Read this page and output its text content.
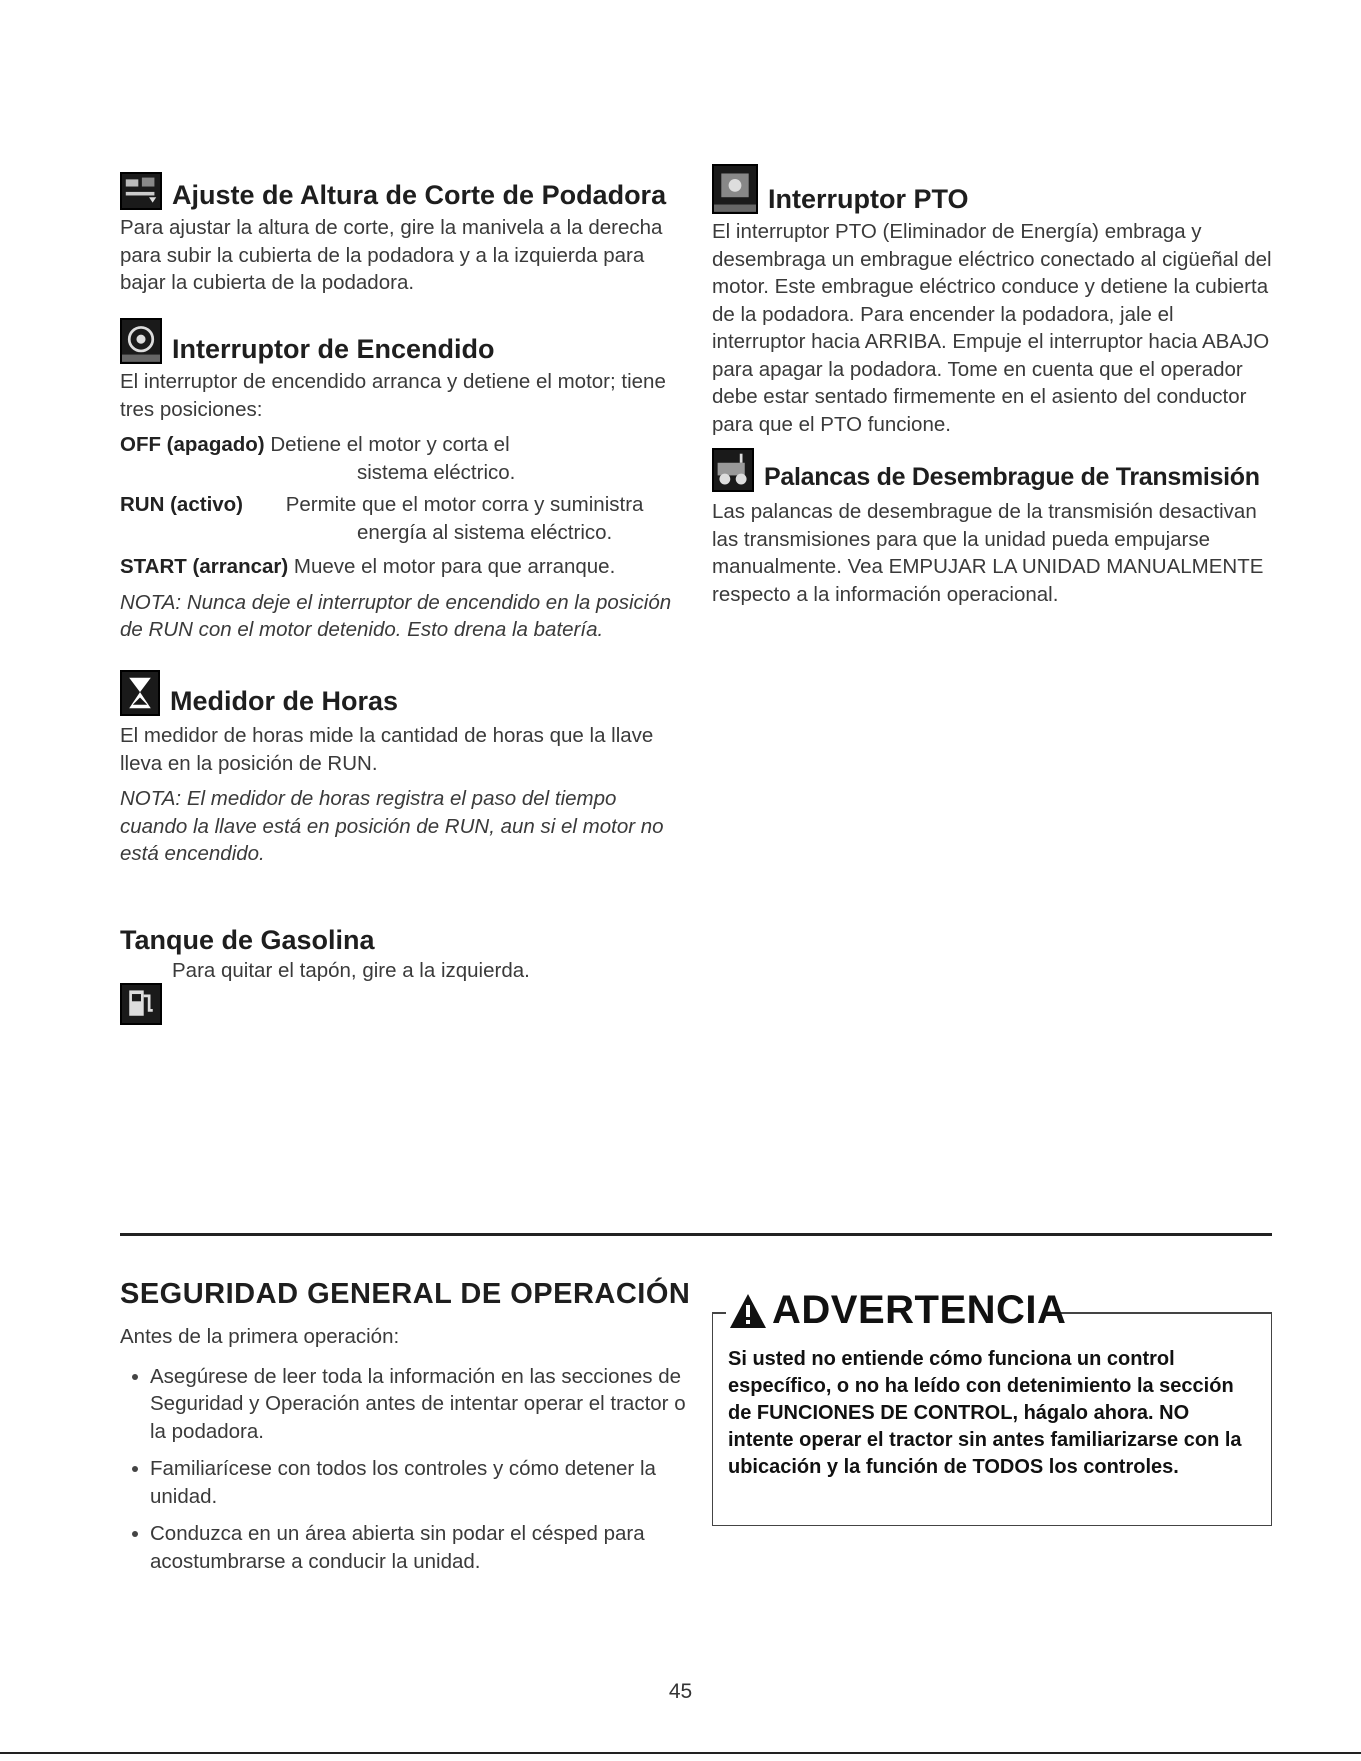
Ajuste de Altura de Corte de Podadora
Para ajustar la altura de corte, gire la manivela a la derecha para subir la cubierta de la podadora y a la izquierda para bajar la cubierta de la podadora.
Interruptor de Encendido
El interruptor de encendido arranca y detiene el motor; tiene tres posiciones:
OFF (apagado) Detiene el motor y corta el
sistema eléctrico.
RUN (activo) Permite que el motor corra y suministra
energía al sistema eléctrico.
START (arrancar) Mueve el motor para que arranque.
NOTA: Nunca deje el interruptor de encendido en la posición de RUN con el motor detenido. Esto drena la batería.
Medidor de Horas
El medidor de horas mide la cantidad de horas que la llave lleva en la posición de RUN.
NOTA: El medidor de horas registra el paso del tiempo cuando la llave está en posición de RUN, aun si el motor no está encendido.
Tanque de Gasolina
Para quitar el tapón, gire a la izquierda.
Interruptor PTO
El interruptor PTO (Eliminador de Energía) embraga y desembraga un embrague eléctrico conectado al cigüeñal del motor. Este embrague eléctrico conduce y detiene la cubierta de la podadora. Para encender la podadora, jale el interruptor hacia ARRIBA. Empuje el interruptor hacia ABAJO para apagar la podadora. Tome en cuenta que el operador debe estar sentado firmemente en el asiento del conductor para que el PTO funcione.
Palancas de Desembrague de Transmisión
Las palancas de desembrague de la transmisión desactivan las transmisiones para que la unidad pueda empujarse manualmente. Vea EMPUJAR LA UNIDAD MANUALMENTE respecto a la información operacional.
SEGURIDAD GENERAL DE OPERACIÓN
Antes de la primera operación:
Asegúrese de leer toda la información en las secciones de Seguridad y Operación antes de intentar operar el tractor o la podadora.
Familiarícese con todos los controles y cómo detener la unidad.
Conduzca en un área abierta sin podar el césped para acostumbrarse a conducir la unidad.
ADVERTENCIA
Si usted no entiende cómo funciona un control específico, o no ha leído con detenimiento la sección de FUNCIONES DE CONTROL, hágalo ahora. NO intente operar el tractor sin antes familiarizarse con la ubicación y la función de TODOS los controles.
45
